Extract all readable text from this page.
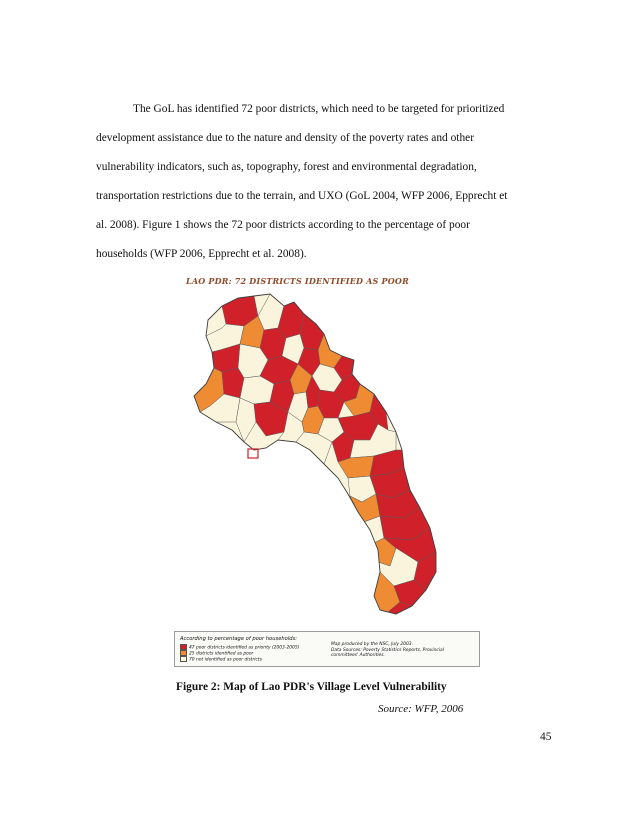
The GoL has identified 72 poor districts, which need to be targeted for prioritized
development assistance due to the nature and density of the poverty rates and other
vulnerability indicators, such as, topography, forest and environmental degradation,
transportation restrictions due to the terrain, and UXO (GoL 2004, WFP 2006, Epprecht et
al. 2008). Figure 1 shows the 72 poor districts according to the percentage of poor
households (WFP 2006, Epprecht et al. 2008).
LAO PDR: 72 DISTRICTS IDENTIFIED AS POOR
According to percentage of poor households:
47 poor districts identified as priority (2003-2005)
25 districts identified as poor
70 not identified as poor districts
Map produced by the NSC, July 2003.
Data Sources: Poverty Statistics Reports, Provincial
committees' Authorities.
Figure 2: Map of Lao PDR's Village Level Vulnerability
Source: WFP, 2006
45
